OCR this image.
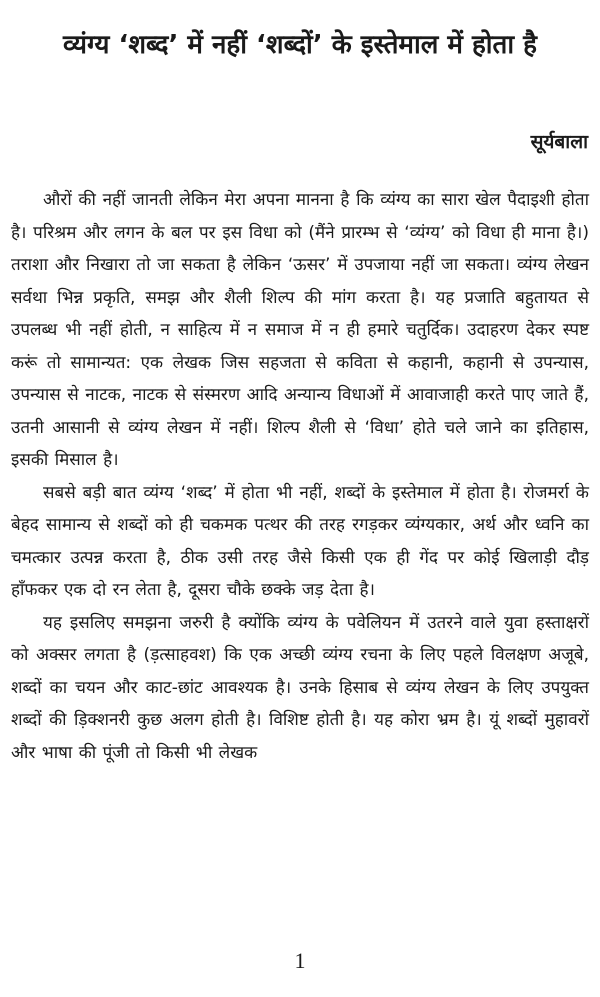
व्यंग्य ‘शब्द’ में नहीं ‘शब्दों’ के इस्तेमाल में होता है
सूर्यबाला

औरों की नहीं जानती लेकिन मेरा अपना मानना है कि व्यंग्य का सारा खेल पैदाइशी होता है। परिश्रम और लगन के बल पर इस विधा को (मैंने प्रारम्भ से ‘व्यंग्य’ को विधा ही माना है।) तराशा और निखारा तो जा सकता है लेकिन ‘ऊसर’ में उपजाया नहीं जा सकता। व्यंग्य लेखन सर्वथा भिन्न प्रकृति, समझ और शैली शिल्प की मांग करता है। यह प्रजाति बहुतायत से उपलब्ध भी नहीं होती, न साहित्य में न समाज में न ही हमारे चतुर्दिक। उदाहरण देकर स्पष्ट करूं तो सामान्यत: एक लेखक जिस सहजता से कविता से कहानी, कहानी से उपन्यास, उपन्यास से नाटक, नाटक से संस्मरण आदि अन्यान्य विधाओं में आवाजाही करते पाए जाते हैं, उतनी आसानी से व्यंग्य लेखन में नहीं। शिल्प शैली से ‘विधा’ होते चले जाने का इतिहास, इसकी मिसाल है।

सबसे बड़ी बात व्यंग्य ‘शब्द’ में होता भी नहीं, शब्दों के इस्तेमाल में होता है। रोजमर्रा के बेहद सामान्य से शब्दों को ही चकमक पत्थर की तरह रगड़कर व्यंग्यकार, अर्थ और ध्वनि का चमत्कार उत्पन्न करता है, ठीक उसी तरह जैसे किसी एक ही गेंद पर कोई खिलाड़ी दौड़ हाँफकर एक दो रन लेता है, दूसरा चौके छक्के जड़ देता है।

यह इसलिए समझना जरुरी है क्योंकि व्यंग्य के पवेलियन में उतरने वाले युवा हस्ताक्षरों को अक्सर लगता है (ड़त्साहवश) कि एक अच्छी व्यंग्य रचना के लिए पहले विलक्षण अजूबे, शब्दों का चयन और काट-छांट आवश्यक है। उनके हिसाब से व्यंग्य लेखन के लिए उपयुक्त शब्दों की ड़िक्शनरी कुछ अलग होती है। विशिष्ट होती है। यह कोरा भ्रम है। यूं शब्दों मुहावरों और भाषा की पूंजी तो किसी भी लेखक

1
